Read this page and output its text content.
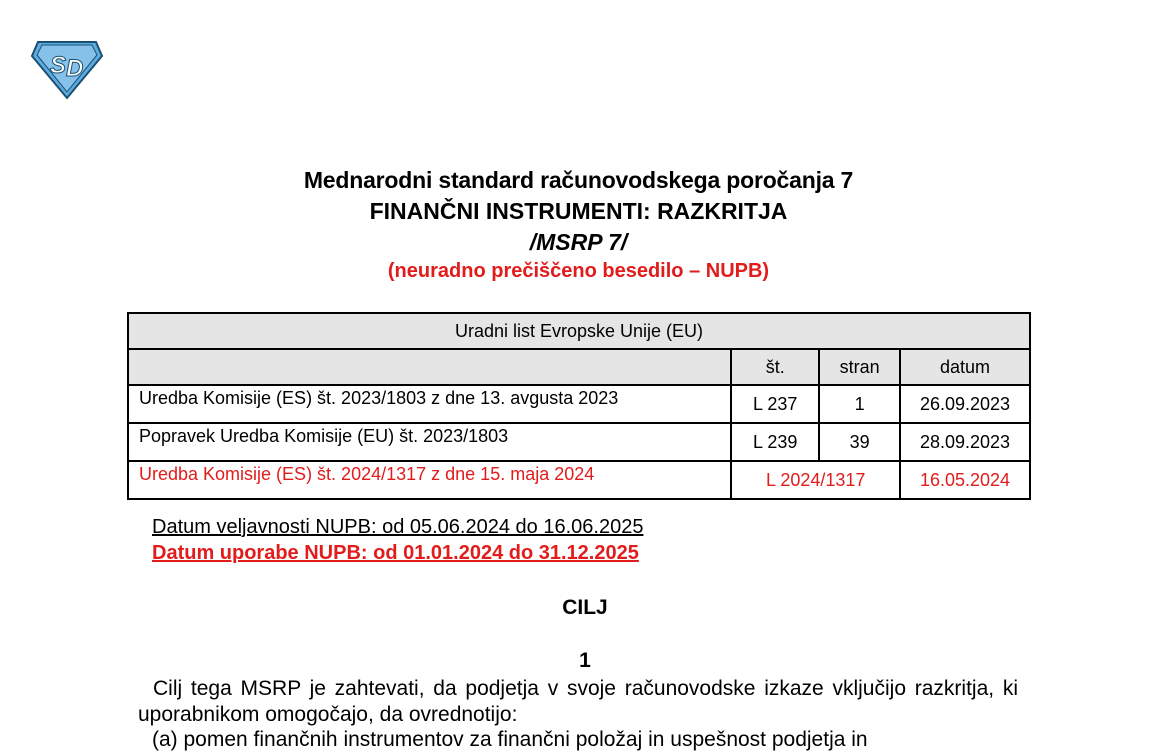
S D
Mednarodni standard računovodskega poročanja 7
FINANČNI INSTRUMENTI: RAZKRITJA
/MSRP 7/
(neuradno prečiščeno besedilo – NUPB)
Uradni list Evropske Unije (EU)			
	št.	stran	datum
Uredba Komisije (ES) št. 2023/1803 z dne 13. avgusta 2023	L 237	1	26.09.2023
Popravek Uredba Komisije (EU) št. 2023/1803	L 239	39	28.09.2023
Uredba Komisije (ES) št. 2024/1317 z dne 15. maja 2024	L 2024/1317		16.05.2024
Datum veljavnosti NUPB: od 05.06.2024 do 16.06.2025
Datum uporabe NUPB: od 01.01.2024 do 31.12.2025
CILJ
1
Cilj tega MSRP je zahtevati, da podjetja v svoje računovodske izkaze vključijo razkritja, ki uporabnikom omogočajo, da ovrednotijo:
(a) pomen finančnih instrumentov za finančni položaj in uspešnost podjetja in
